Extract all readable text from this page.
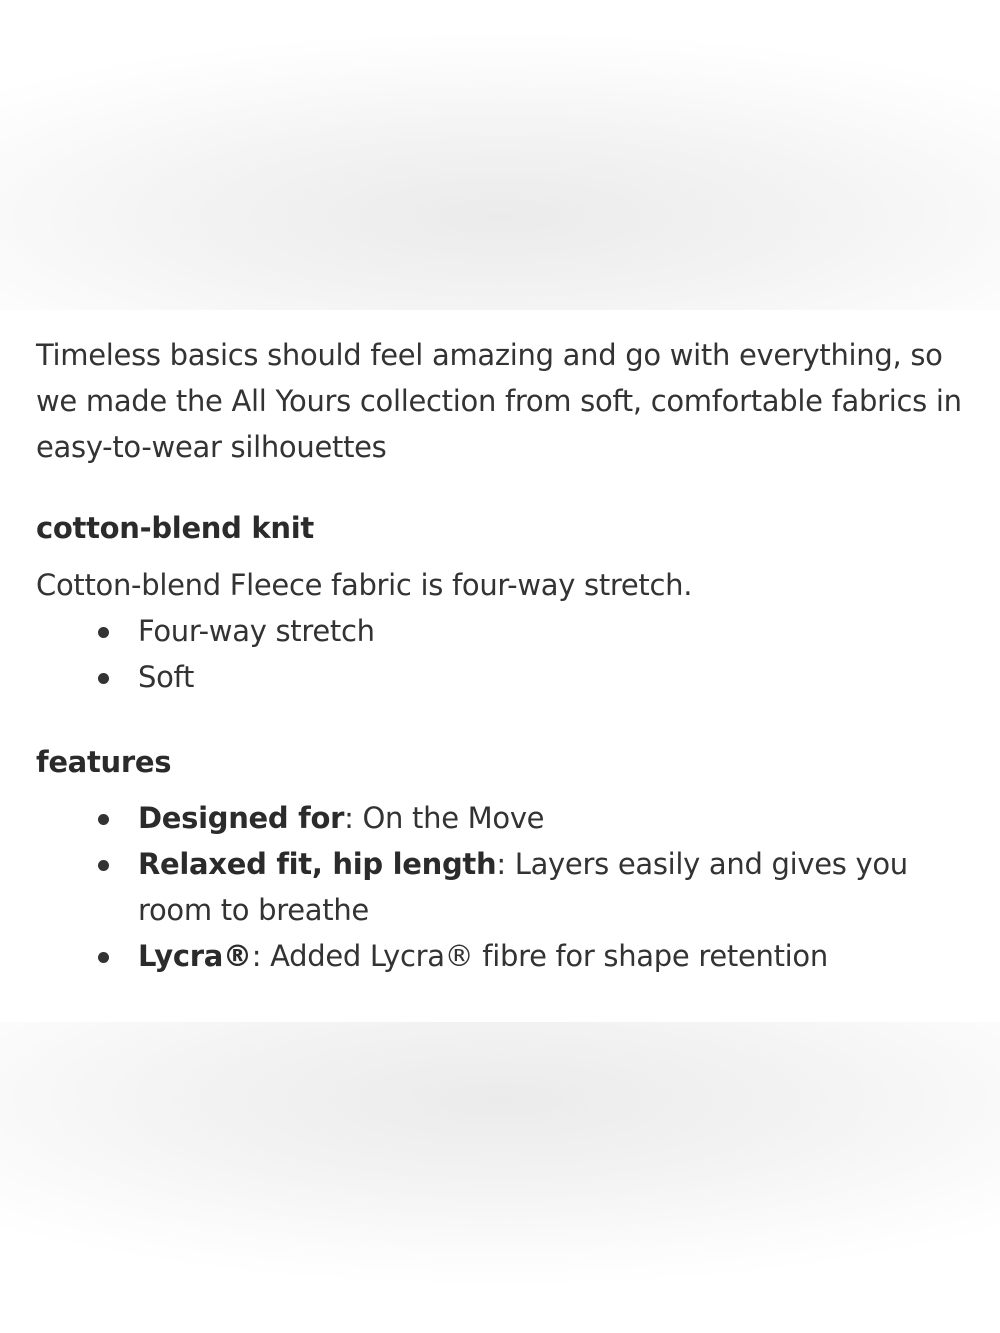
Timeless basics should feel amazing and go with everything, so we made the All Yours collection from soft, comfortable fabrics in easy-to-wear silhouettes

cotton-blend knit

Cotton-blend Fleece fabric is four-way stretch.

Four-way stretch
Soft
features
Designed for: On the Move
Relaxed fit, hip length: Layers easily and gives you room to breathe
Lycra®: Added Lycra® fibre for shape retention
